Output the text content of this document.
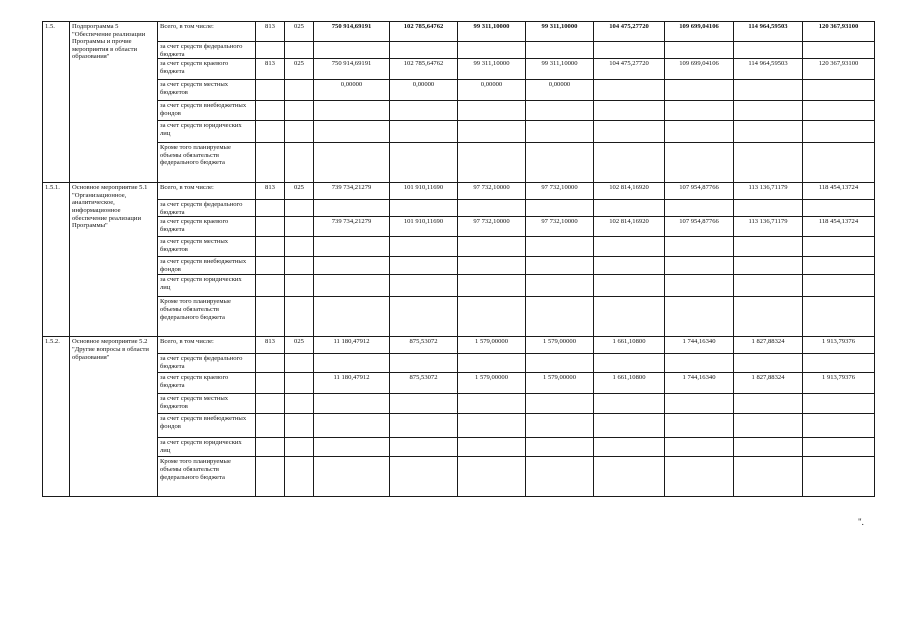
1.5.	Подпрограмма 5 "Обеспечение реализации Программы и прочие мероприятия в области образования"	Всего, в том числе:	813	025	750 914,69191	102 785,64762	99 311,10000	99 311,10000	104 475,27720	109 699,04106	114 964,59503	120 367,93100
		за счет средств федерального бюджета										
		за счет средств краевого бюджета	813	025	750 914,69191	102 785,64762	99 311,10000	99 311,10000	104 475,27720	109 699,04106	114 964,59503	120 367,93100
		за счет средств местных бюджетов			0,00000	0,00000	0,00000	0,00000				
		за счет средств внебюджетных фондов										
		за счет средств юридических лиц										
		Кроме того планируемые объемы обязательств федерального бюджета										
1.5.1.	Основное мероприятие 5.1 "Организационное, аналитическое, информационное обеспечение реализации Программы"	Всего, в том числе:	813	025	739 734,21279	101 910,11690	97 732,10000	97 732,10000	102 814,16920	107 954,87766	113 136,71179	118 454,13724
		за счет средств федерального бюджета										
		за счет средств краевого бюджета			739 734,21279	101 910,11690	97 732,10000	97 732,10000	102 814,16920	107 954,87766	113 136,71179	118 454,13724
		за счет средств местных бюджетов										
		за счет средств внебюджетных фондов										
		за счет средств юридических лиц										
		Кроме того планируемые объемы обязательств федерального бюджета										
1.5.2.	Основное мероприятие 5.2 "Другие вопросы в области образования"	Всего, в том числе:	813	025	11 180,47912	875,53072	1 579,00000	1 579,00000	1 661,10800	1 744,16340	1 827,88324	1 913,79376
		за счет средств федерального бюджета										
		за счет средств краевого бюджета			11 180,47912	875,53072	1 579,00000	1 579,00000	1 661,10800	1 744,16340	1 827,88324	1 913,79376
		за счет средств местных бюджетов										
		за счет средств внебюджетных фондов										
		за счет средств юридических лиц										
		Кроме того планируемые объемы обязательств федерального бюджета										
".
